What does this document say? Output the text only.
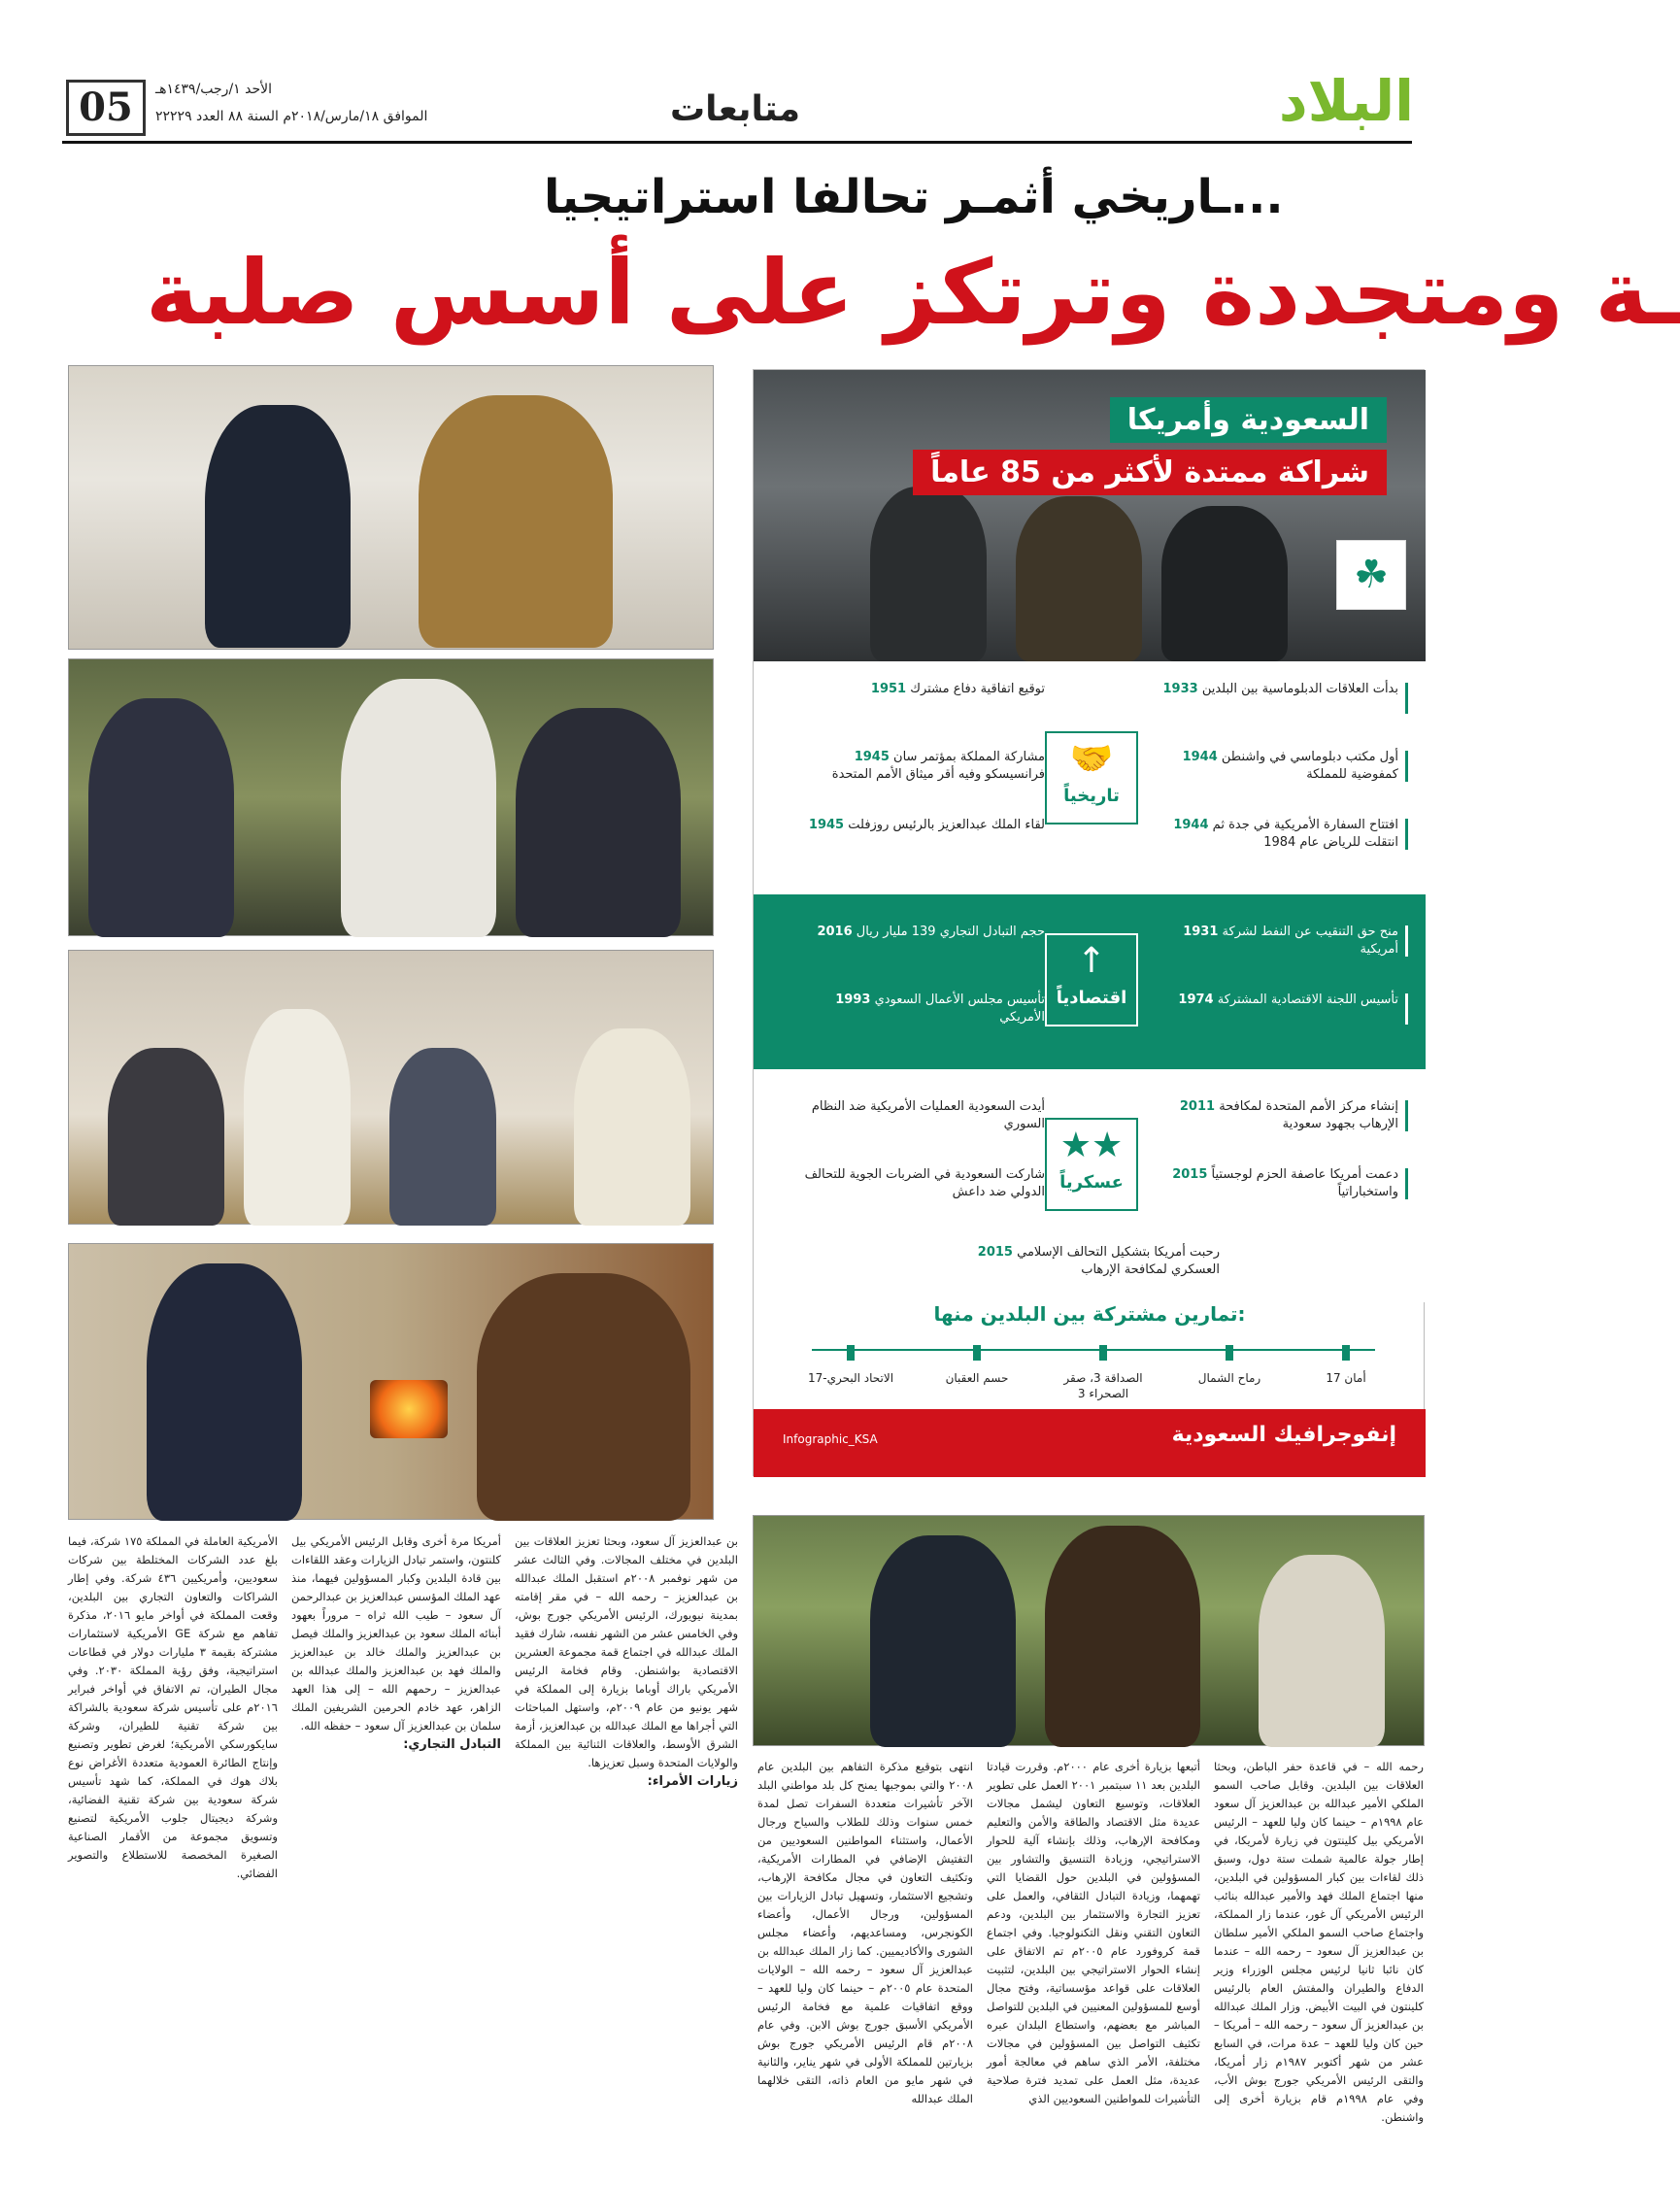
05	الأحد ١/رجب/١٤٣٩هـ
الموافق ١٨/مارس/٢٠١٨م السنة ٨٨ العدد ٢٢٢٢٩	متابعات	البلاد
ـاريخي أثمـر تحالفا استراتيجيا...
ـة ومتجددة وترتكز على أسس صلبة
السعودية وأمريكا
شراكة ممتدة لأكثر من 85 عاماً
☘
🤝
تاريخياً
1933 بدأت العلاقات الدبلوماسية بين البلدين
1944 أول مكتب دبلوماسي في واشنطن كمفوضية للمملكة
1944 افتتاح السفارة الأمريكية في جدة ثم انتقلت للرياض عام 1984
1951 توقيع اتفاقية دفاع مشترك
1945 مشاركة المملكة بمؤتمر سان فرانسيسكو وفيه أقر ميثاق الأمم المتحدة
1945 لقاء الملك عبدالعزيز بالرئيس روزفلت
↑
اقتصادياً
1931 منح حق التنقيب عن النفط لشركة أمريكية
1974 تأسيس اللجنة الاقتصادية المشتركة
2016 حجم التبادل التجاري 139 مليار ريال
1993 تأسيس مجلس الأعمال السعودي الأمريكي
★★
عسكرياً
2011 إنشاء مركز الأمم المتحدة لمكافحة الإرهاب بجهود سعودية
2015 دعمت أمريكا عاصفة الحزم لوجستياً واستخباراتياً
أيدت السعودية العمليات الأمريكية ضد النظام السوري
شاركت السعودية في الضربات الجوية للتحالف الدولي ضد داعش
2015 رحبت أمريكا بتشكيل التحالف الإسلامي العسكري لمكافحة الإرهاب
تمارين مشتركة بين البلدين منها:
أمان 17
رماح الشمال
الصداقة 3، صقر الصحراء 3
حسم العقبان
الاتحاد البحري-17
إنفوجرافيك السعودية
Infographic_KSA
رحمه الله – في قاعدة حفر الباطن، وبحثا العلاقات بين البلدين. وقابل صاحب السمو الملكي الأمير عبدالله بن عبدالعزيز آل سعود عام ١٩٩٨م – حينما كان وليا للعهد – الرئيس الأمريكي بيل كلينتون في زيارة لأمريكا، في إطار جولة عالمية شملت ستة دول، وسبق ذلك لقاءات بين كبار المسؤولين في البلدين، منها اجتماع الملك فهد والأمير عبدالله بنائب الرئيس الأمريكي آل غور، عندما زار المملكة، واجتماع صاحب السمو الملكي الأمير سلطان بن عبدالعزيز آل سعود – رحمه الله – عندما كان نائبا ثانيا لرئيس مجلس الوزراء وزير الدفاع والطيران والمفتش العام بالرئيس كلينتون في البيت الأبيض. وزار الملك عبدالله بن عبدالعزيز آل سعود – رحمه الله – أمريكا – حين كان وليا للعهد – عدة مرات، في السابع عشر من شهر أكتوبر ١٩٨٧م زار أمريكا، والتقى الرئيس الأمريكي جورج بوش الأب، وفي عام ١٩٩٨م قام بزيارة أخرى إلى واشنطن.
أتبعها بزيارة أخرى عام ٢٠٠٠م. وقررت قيادتا البلدين بعد ١١ سبتمبر ٢٠٠١ العمل على تطوير العلاقات، وتوسيع التعاون ليشمل مجالات عديدة مثل الاقتصاد والطاقة والأمن والتعليم ومكافحة الإرهاب، وذلك بإنشاء آلية للحوار الاستراتيجي، وزيادة التنسيق والتشاور بين المسؤولين في البلدين حول القضايا التي تهمهما، وزيادة التبادل الثقافي، والعمل على تعزيز التجارة والاستثمار بين البلدين، ودعم التعاون التقني ونقل التكنولوجيا. وفي اجتماع قمة كروفورد عام ٢٠٠٥م تم الاتفاق على إنشاء الحوار الاستراتيجي بين البلدين، لتثبيت العلاقات على قواعد مؤسساتية، وفتح مجال أوسع للمسؤولين المعنيين في البلدين للتواصل المباشر مع بعضهم، واستطاع البلدان عبره تكثيف التواصل بين المسؤولين في مجالات مختلفة، الأمر الذي ساهم في معالجة أمور عديدة، مثل العمل على تمديد فترة صلاحية التأشيرات للمواطنين السعوديين الذي
انتهى بتوقيع مذكرة التفاهم بين البلدين عام ٢٠٠٨ والتي بموجبها يمنح كل بلد مواطني البلد الآخر تأشيرات متعددة السفرات تصل لمدة خمس سنوات وذلك للطلاب والسياح ورجال الأعمال، واستثناء المواطنين السعوديين من التفتيش الإضافي في المطارات الأمريكية، وتكثيف التعاون في مجال مكافحة الإرهاب، وتشجيع الاستثمار، وتسهيل تبادل الزيارات بين المسؤولين، ورجال الأعمال، وأعضاء الكونجرس، ومساعديهم، وأعضاء مجلس الشورى والأكاديميين. كما زار الملك عبدالله بن عبدالعزيز آل سعود – رحمه الله – الولايات المتحدة عام ٢٠٠٥م – حينما كان وليا للعهد – ووقع اتفاقيات علمية مع فخامة الرئيس الأمريكي الأسبق جورج بوش الابن. وفي عام ٢٠٠٨م قام الرئيس الأمريكي جورج بوش بزيارتين للمملكة الأولى في شهر يناير، والثانية في شهر مايو من العام ذاته، التقى خلالهما الملك عبدالله
بن عبدالعزيز آل سعود، وبحثا تعزيز العلاقات بين البلدين في مختلف المجالات. وفي الثالث عشر من شهر نوفمبر ٢٠٠٨م استقبل الملك عبدالله بن عبدالعزيز – رحمه الله – في مقر إقامته بمدينة نيويورك، الرئيس الأمريكي جورج بوش، وفي الخامس عشر من الشهر نفسه، شارك فقيد الملك عبدالله في اجتماع قمة مجموعة العشرين الاقتصادية بواشنطن. وقام فخامة الرئيس الأمريكي باراك أوباما بزيارة إلى المملكة في شهر يونيو من عام ٢٠٠٩م، واستهل المباحثات التي أجراها مع الملك عبدالله بن عبدالعزيز، أزمة الشرق الأوسط، والعلاقات الثنائية بين المملكة والولايات المتحدة وسبل تعزيزها.
زيارات الأمراء:
أمريكا مرة أخرى وقابل الرئيس الأمريكي بيل كلنتون، واستمر تبادل الزيارات وعقد اللقاءات بين قادة البلدين وكبار المسؤولين فيهما، منذ عهد الملك المؤسس عبدالعزيز بن عبدالرحمن آل سعود – طيب الله ثراه – مروراً بعهود أبنائه الملك سعود بن عبدالعزيز والملك فيصل بن عبدالعزيز والملك خالد بن عبدالعزيز والملك فهد بن عبدالعزيز والملك عبدالله بن عبدالعزيز – رحمهم الله – إلى هذا العهد الزاهر، عهد خادم الحرمين الشريفين الملك سلمان بن عبدالعزيز آل سعود – حفظه الله.
التبادل التجاري:
الأمريكية العاملة في المملكة ١٧٥ شركة، فيما بلغ عدد الشركات المختلطة بين شركات سعوديين، وأمريكيين ٤٣٦ شركة. وفي إطار الشراكات والتعاون التجاري بين البلدين، وقعت المملكة في أواخر مايو ٢٠١٦، مذكرة تفاهم مع شركة GE الأمريكية لاستثمارات مشتركة بقيمة ٣ مليارات دولار في قطاعات استراتيجية، وفق رؤية المملكة ٢٠٣٠. وفي مجال الطيران، تم الاتفاق في أواخر فبراير ٢٠١٦م على تأسيس شركة سعودية بالشراكة بين شركة تقنية للطيران، وشركة سايكورسكي الأمريكية؛ لغرض تطوير وتصنيع وإنتاج الطائرة العمودية متعددة الأغراض نوع بلاك هوك في المملكة، كما شهد تأسيس شركة سعودية بين شركة تقنية الفضائية، وشركة ديجيتال جلوب الأمريكية لتصنيع وتسويق مجموعة من الأقمار الصناعية الصغيرة المخصصة للاستطلاع والتصوير الفضائي.
